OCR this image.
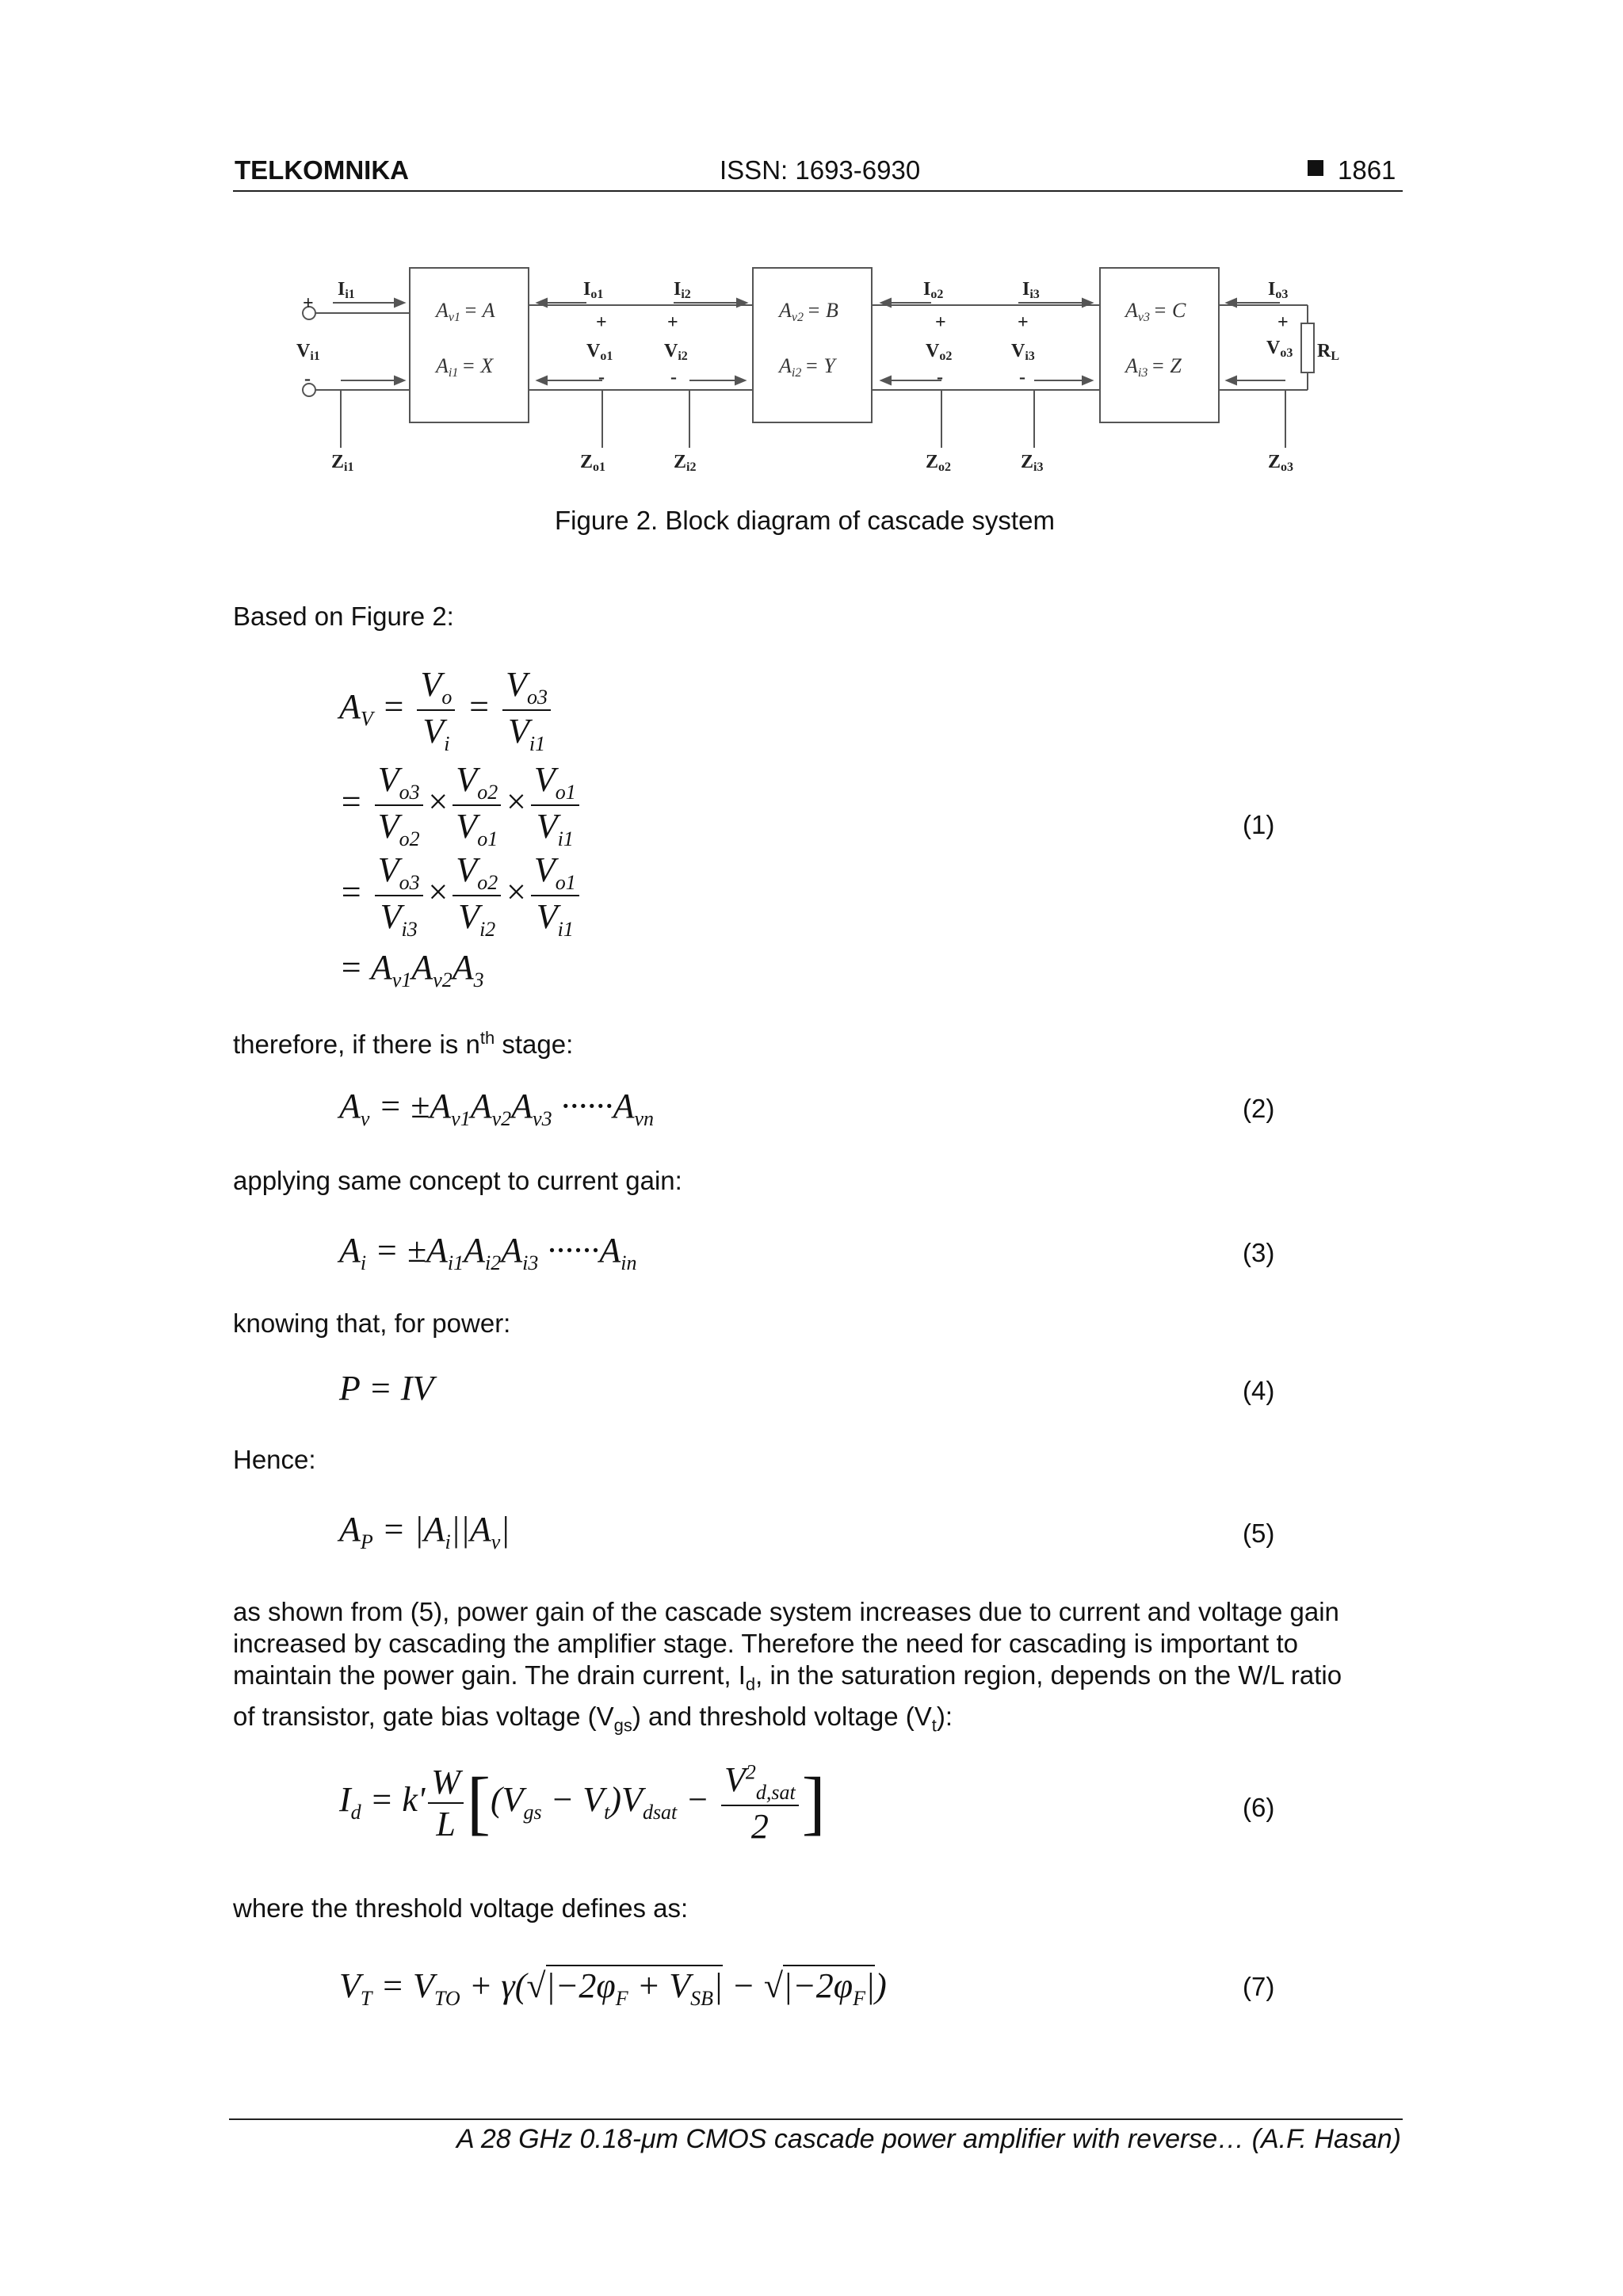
TELKOMNIKA	ISSN: 1693-6930	1861
Ii1
+
Vi1
-
Zi1
Io1
+
Vo1
-
Zo1
Ii2
+
Vi2
-
Zi2
Io2
+
Vo2
-
Zo2
Ii3
+
Vi3
-
Zi3
Io3
+
Vo3
Zo3
RL
Av1 = A
Ai1 = X
Av2 = B
Ai2 = Y
Av3 = C
Ai3 = Z
Figure 2. Block diagram of cascade system
Based on Figure 2:
$A_V = \frac{V_o}{V_i} = \frac{V_{o3}}{V_{i1}}$
= $\frac{V_{o3}}{V_{o2}} \times \frac{V_{o2}}{V_{o1}} \times \frac{V_{o1}}{V_{i1}}$
= $\frac{V_{o3}}{V_{i3}} \times \frac{V_{o2}}{V_{i2}} \times \frac{V_{o1}}{V_{i1}}$
= $A_{v1}A_{v2}A_3$
(1)
therefore, if there is $n^{th}$ stage:
$A_v = \pm A_{v1}A_{v2}A_{v3} \cdot\cdot\cdot\cdot\cdot\cdot A_{vn}$	(2)
applying same concept to current gain:
$A_i = \pm A_{i1}A_{i2}A_{i3} \cdot\cdot\cdot\cdot\cdot\cdot A_{in}$	(3)
knowing that, for power:
P = IV	(4)
Hence:
$A_P = |A_i||A_v|$	(5)
as shown from (5), power gain of the cascade system increases due to current and voltage gain
increased by cascading the amplifier stage. Therefore the need for cascading is important to
maintain the power gain. The drain current, $I_d$, in the saturation region, depends on the W/L ratio
of transistor, gate bias voltage $(V_{gs})$ and threshold voltage $(V_t)$:
$I_d = k' \frac{W}{L} [(V_{gs} - V_t)V_{dsat} - \frac{V^2_{d,sat}}{2}$ ]	(6)
where the threshold voltage defines as:
$V_T = V_{TO} + \gamma(√|-2\varphi_F + V_{SB}| - √|-2\varphi_F|)$	(7)
A 28 GHz 0.18-μm CMOS cascade power amplifier with reverse… (A.F. Hasan)
